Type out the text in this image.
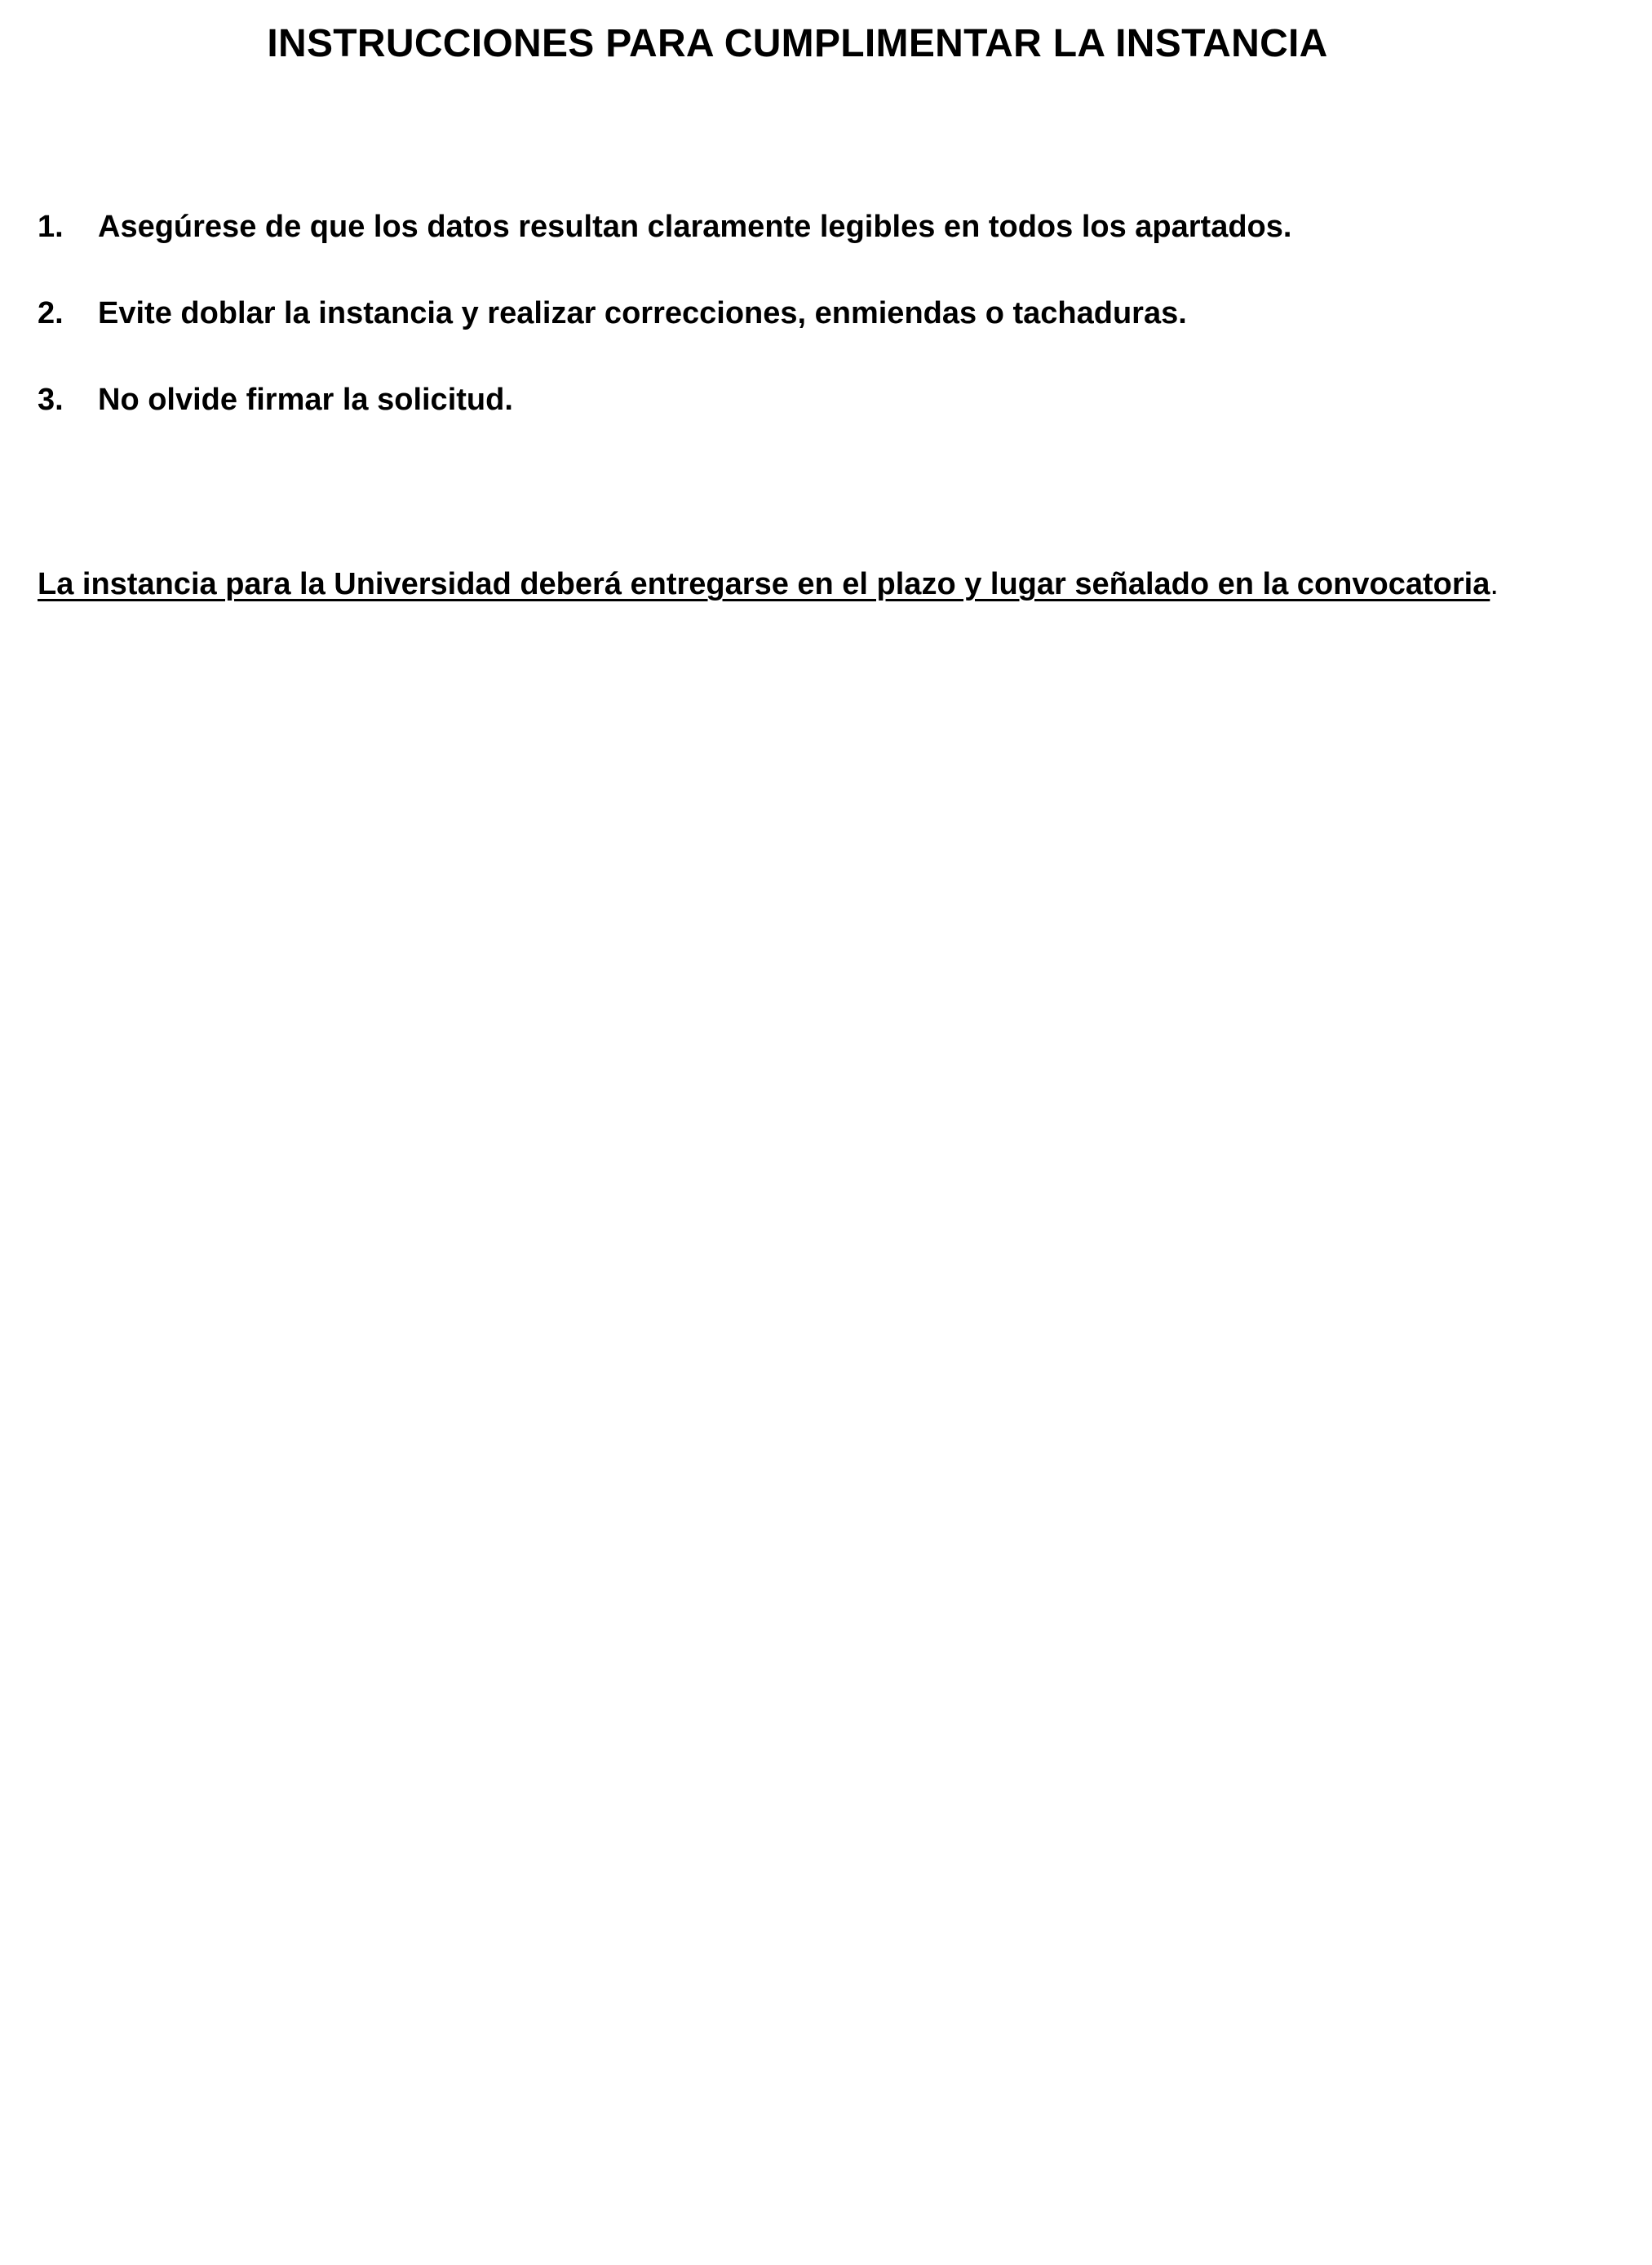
INSTRUCCIONES PARA CUMPLIMENTAR LA INSTANCIA
1.	Asegúrese de que los datos resultan claramente legibles en todos los apartados.
2.	Evite doblar la instancia y realizar correcciones, enmiendas o tachaduras.
3.	No olvide firmar la solicitud.

La instancia para la Universidad deberá entregarse en el plazo y lugar señalado en la convocatoria.
